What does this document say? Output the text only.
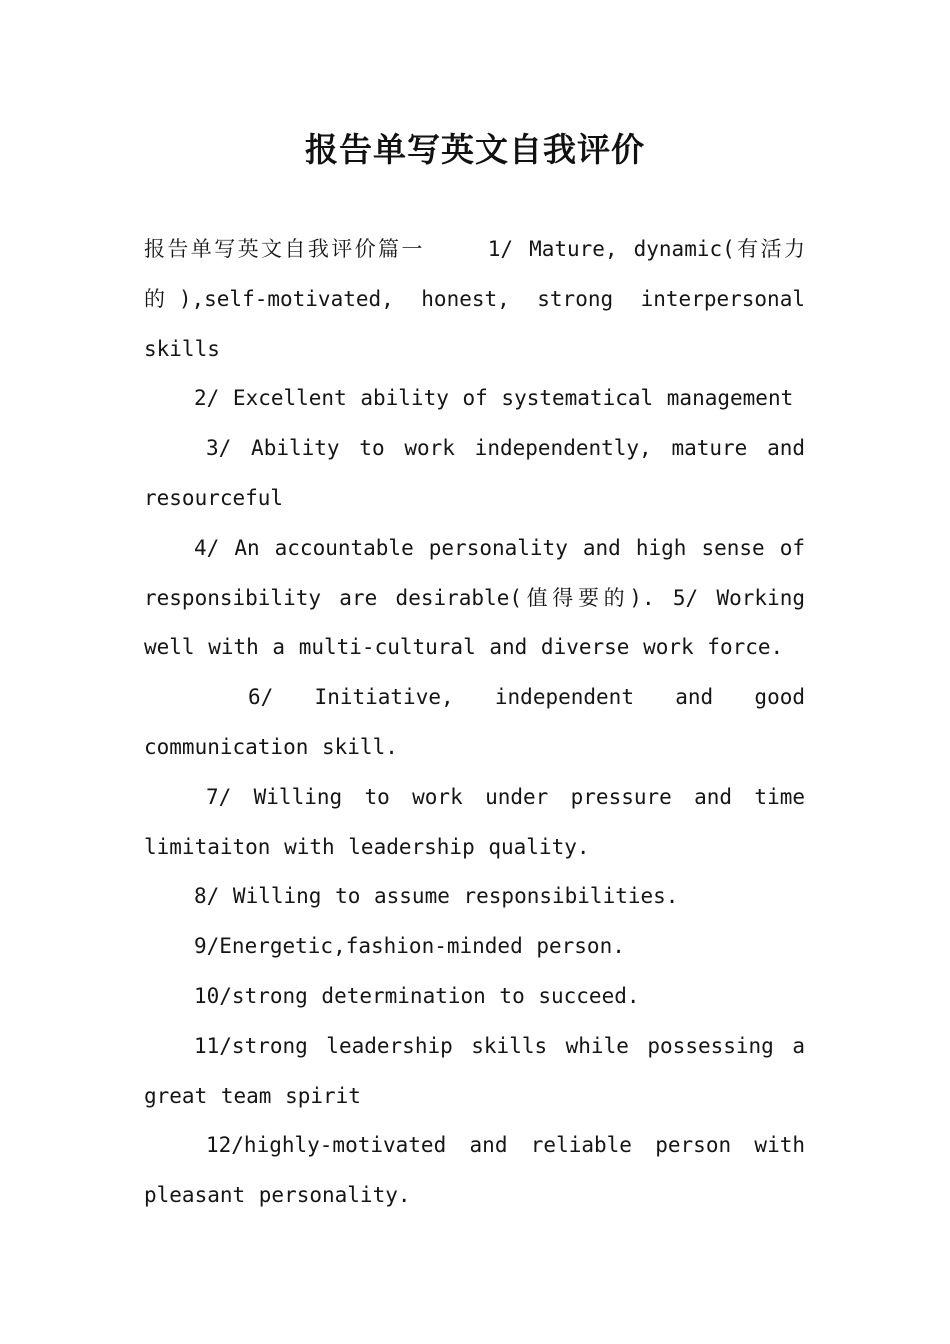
报告单写英文自我评价

报告单写英文自我评价篇一　　 1/ Mature, dynamic(有活力的),self-motivated, honest, strong interpersonal skills

2/ Excellent ability of systematical management

3/ Ability to work independently, mature and resourceful

4/ An accountable personality and high sense of responsibility are desirable(值得要的). 5/ Working well with a multi-cultural and diverse work force.

6/ Initiative, independent and good communication skill.

7/ Willing to work under pressure and time limitaiton with leadership quality.

8/ Willing to assume responsibilities.

9/Energetic,fashion-minded person.

10/strong determination to succeed.

11/strong leadership skills while possessing a great team spirit

12/highly-motivated and reliable person with pleasant personality.
